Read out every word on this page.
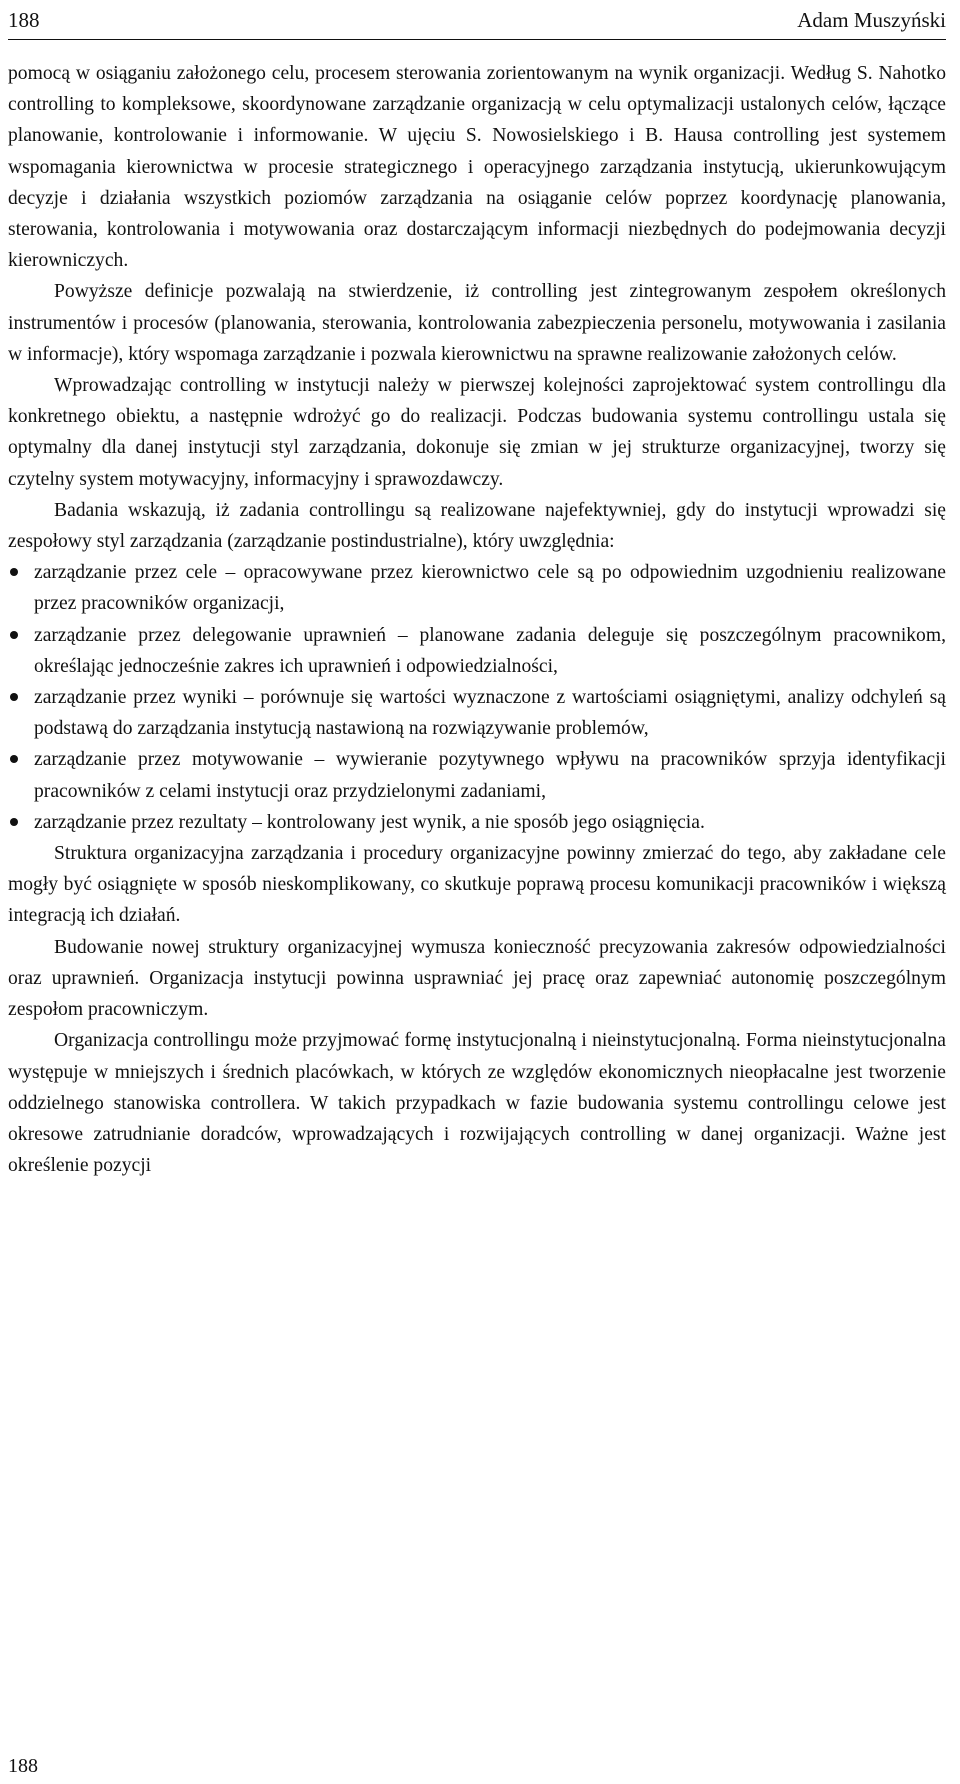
188	Adam Muszyński

pomocą w osiąganiu założonego celu, procesem sterowania zorientowanym na wynik organizacji. Według S. Nahotko controlling to kompleksowe, skoordynowane zarządzanie organizacją w celu optymalizacji ustalonych celów, łączące planowanie, kontrolowanie i informowanie. W ujęciu S. Nowosielskiego i B. Hausa controlling jest systemem wspomagania kierownictwa w procesie strategicznego i operacyjnego zarządzania instytucją, ukierunkowującym decyzje i działania wszystkich poziomów zarządzania na osiąganie celów poprzez koordynację planowania, sterowania, kontrolowania i motywowania oraz dostarczającym informacji niezbędnych do podejmowania decyzji kierowniczych.

Powyższe definicje pozwalają na stwierdzenie, iż controlling jest zintegrowanym zespołem określonych instrumentów i procesów (planowania, sterowania, kontrolowania zabezpieczenia personelu, motywowania i zasilania w informacje), który wspomaga zarządzanie i pozwala kierownictwu na sprawne realizowanie założonych celów.

Wprowadzając controlling w instytucji należy w pierwszej kolejności zaprojektować system controllingu dla konkretnego obiektu, a następnie wdrożyć go do realizacji. Podczas budowania systemu controllingu ustala się optymalny dla danej instytucji styl zarządzania, dokonuje się zmian w jej strukturze organizacyjnej, tworzy się czytelny system motywacyjny, informacyjny i sprawozdawczy.

Badania wskazują, iż zadania controllingu są realizowane najefektywniej, gdy do instytucji wprowadzi się zespołowy styl zarządzania (zarządzanie postindustrialne), który uwzględnia:

zarządzanie przez cele – opracowywane przez kierownictwo cele są po odpowiednim uzgodnieniu realizowane przez pracowników organizacji,
zarządzanie przez delegowanie uprawnień – planowane zadania deleguje się poszczególnym pracownikom, określając jednocześnie zakres ich uprawnień i odpowiedzialności,
zarządzanie przez wyniki – porównuje się wartości wyznaczone z wartościami osiągniętymi, analizy odchyleń są podstawą do zarządzania instytucją nastawioną na rozwiązywanie problemów,
zarządzanie przez motywowanie – wywieranie pozytywnego wpływu na pracowników sprzyja identyfikacji pracowników z celami instytucji oraz przydzielonymi zadaniami,
zarządzanie przez rezultaty – kontrolowany jest wynik, a nie sposób jego osiągnięcia.

Struktura organizacyjna zarządzania i procedury organizacyjne powinny zmierzać do tego, aby zakładane cele mogły być osiągnięte w sposób nieskomplikowany, co skutkuje poprawą procesu komunikacji pracowników i większą integracją ich działań.

Budowanie nowej struktury organizacyjnej wymusza konieczność precyzowania zakresów odpowiedzialności oraz uprawnień. Organizacja instytucji powinna usprawniać jej pracę oraz zapewniać autonomię poszczególnym zespołom pracowniczym.

Organizacja controllingu może przyjmować formę instytucjonalną i nieinstytucjonalną. Forma nieinstytucjonalna występuje w mniejszych i średnich placówkach, w których ze względów ekonomicznych nieopłacalne jest tworzenie oddzielnego stanowiska controllera. W takich przypadkach w fazie budowania systemu controllingu celowe jest okresowe zatrudnianie doradców, wprowadzających i rozwijających controlling w danej organizacji. Ważne jest określenie pozycji

188
